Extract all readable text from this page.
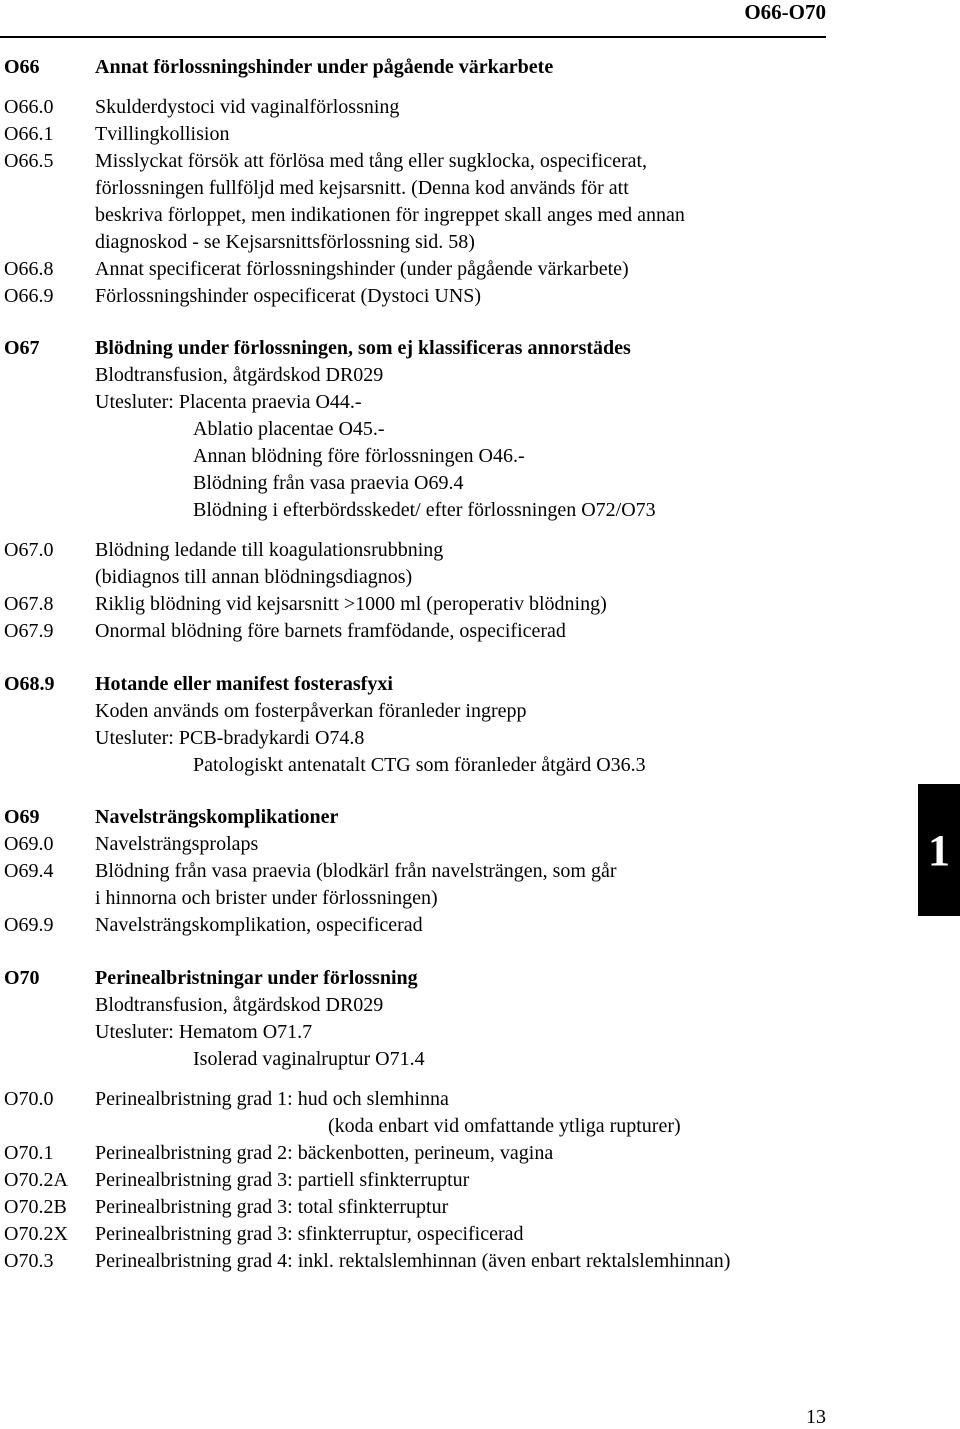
O66-O70
O66	Annat förlossningshinder under pågående värkarbete
O66.0 Skulderdystoci vid vaginalförlossning
O66.1 Tvillingkollision
O66.5 Misslyckat försök att förlösa med tång eller sugklocka, ospecificerat,
förlossningen fullföljd med kejsarsnitt. (Denna kod används för att
beskriva förloppet, men indikationen för ingreppet skall anges med annan
diagnoskod - se Kejsarsnittsförlossning sid. 58)
O66.8 Annat specificerat förlossningshinder (under pågående värkarbete)
O66.9 Förlossningshinder ospecificerat (Dystoci UNS)
O67	Blödning under förlossningen, som ej klassificeras annorstädes
Blodtransfusion, åtgärdskod DR029
Utesluter: Placenta praevia O44.-
Ablatio placentae O45.-
Annan blödning före förlossningen O46.-
Blödning från vasa praevia O69.4
Blödning i efterbördsskedet/ efter förlossningen O72/O73
O67.0 Blödning ledande till koagulationsrubbning
(bidiagnos till annan blödningsdiagnos)
O67.8 Riklig blödning vid kejsarsnitt >1000 ml (peroperativ blödning)
O67.9 Onormal blödning före barnets framfödande, ospecificerad
O68.9 Hotande eller manifest fosterasfyxi
Koden används om fosterpåverkan föranleder ingrepp
Utesluter: PCB-bradykardi O74.8
Patologiskt antenatalt CTG som föranleder åtgärd O36.3
O69	Navelsträngskomplikationer
O69.0 Navelsträngsprolaps
O69.4 Blödning från vasa praevia (blodkärl från navelsträngen, som går
i hinnorna och brister under förlossningen)
O69.9 Navelsträngskomplikation, ospecificerad
O70	Perinealbristningar under förlossning
Blodtransfusion, åtgärdskod DR029
Utesluter: Hematom O71.7
Isolerad vaginalruptur O71.4
O70.0 Perinealbristning grad 1: hud och slemhinna
(koda enbart vid omfattande ytliga rupturer)
O70.1 Perinealbristning grad 2: bäckenbotten, perineum, vagina
O70.2A Perinealbristning grad 3: partiell sfinkterruptur
O70.2B Perinealbristning grad 3: total sfinkterruptur
O70.2X Perinealbristning grad 3: sfinkterruptur, ospecificerad
O70.3 Perinealbristning grad 4: inkl. rektalslemhinnan (även enbart rektalslemhinnan)
1
13
